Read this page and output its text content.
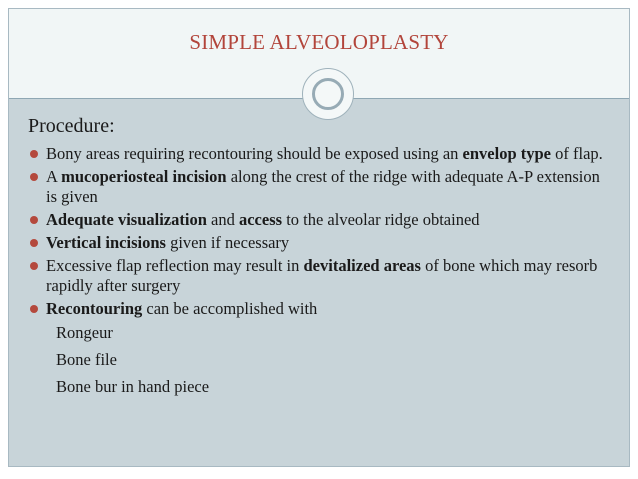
SIMPLE ALVEOLOPLASTY
Procedure:
Bony areas requiring recontouring should be exposed using an envelop type of flap.
A mucoperiosteal incision along the crest of the ridge with adequate A-P extension is given
Adequate visualization and access to the alveolar ridge obtained
Vertical incisions given if necessary
Excessive flap reflection may result in devitalized areas of bone which may resorb rapidly after surgery
Recontouring can be accomplished with
Rongeur
Bone file
Bone bur in hand piece
